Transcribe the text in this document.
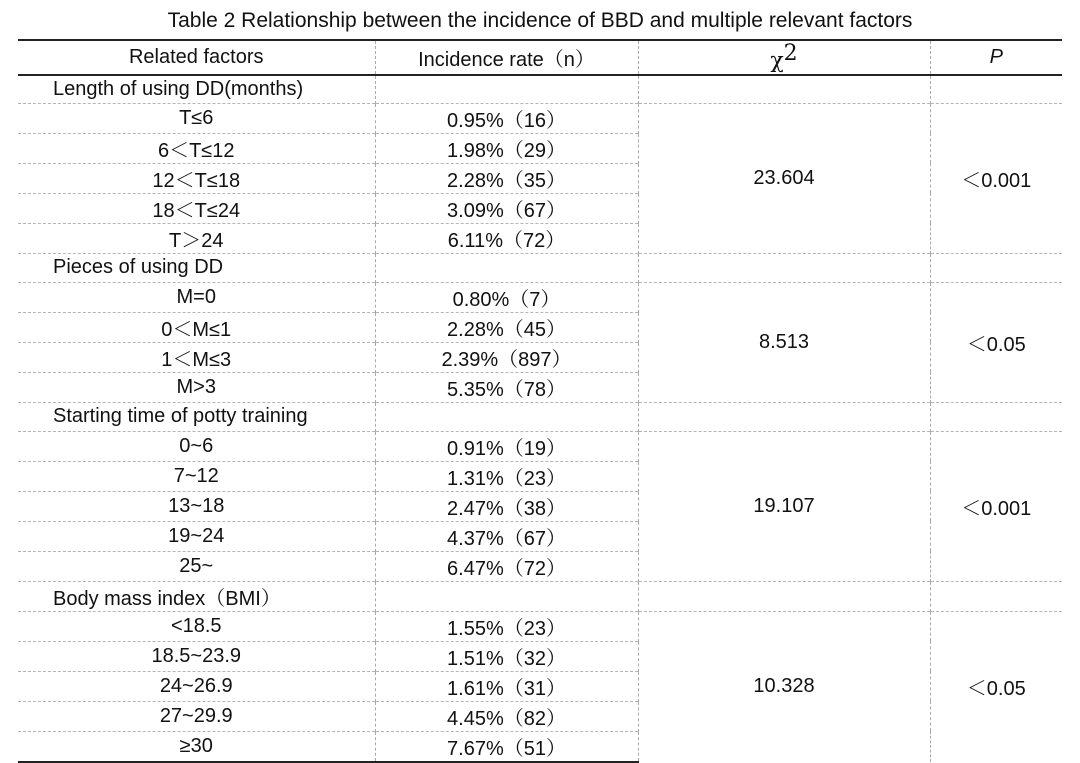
Table 2 Relationship between the incidence of BBD and multiple relevant factors
Related factors	Incidence rate（n）	$\chi^2$	P
Length of using DD(months)			
T≤6	0.95%（16）	23.604	＜0.001
6＜T≤12	1.98%（29）		
12＜T≤18	2.28%（35）		
18＜T≤24	3.09%（67）		
T＞24	6.11%（72）		
Pieces of using DD			
M=0	0.80%（7）	8.513	＜0.05
0＜M≤1	2.28%（45）		
1＜M≤3	2.39%（897）		
M>3	5.35%（78）		
Starting time of potty training			
0~6	0.91%（19）	19.107	＜0.001
7~12	1.31%（23）		
13~18	2.47%（38）		
19~24	4.37%（67）		
25~	6.47%（72）		
Body mass index（BMI）			
<18.5	1.55%（23）	10.328	＜0.05
18.5~23.9	1.51%（32）		
24~26.9	1.61%（31）		
27~29.9	4.45%（82）		
≥30	7.67%（51）		
